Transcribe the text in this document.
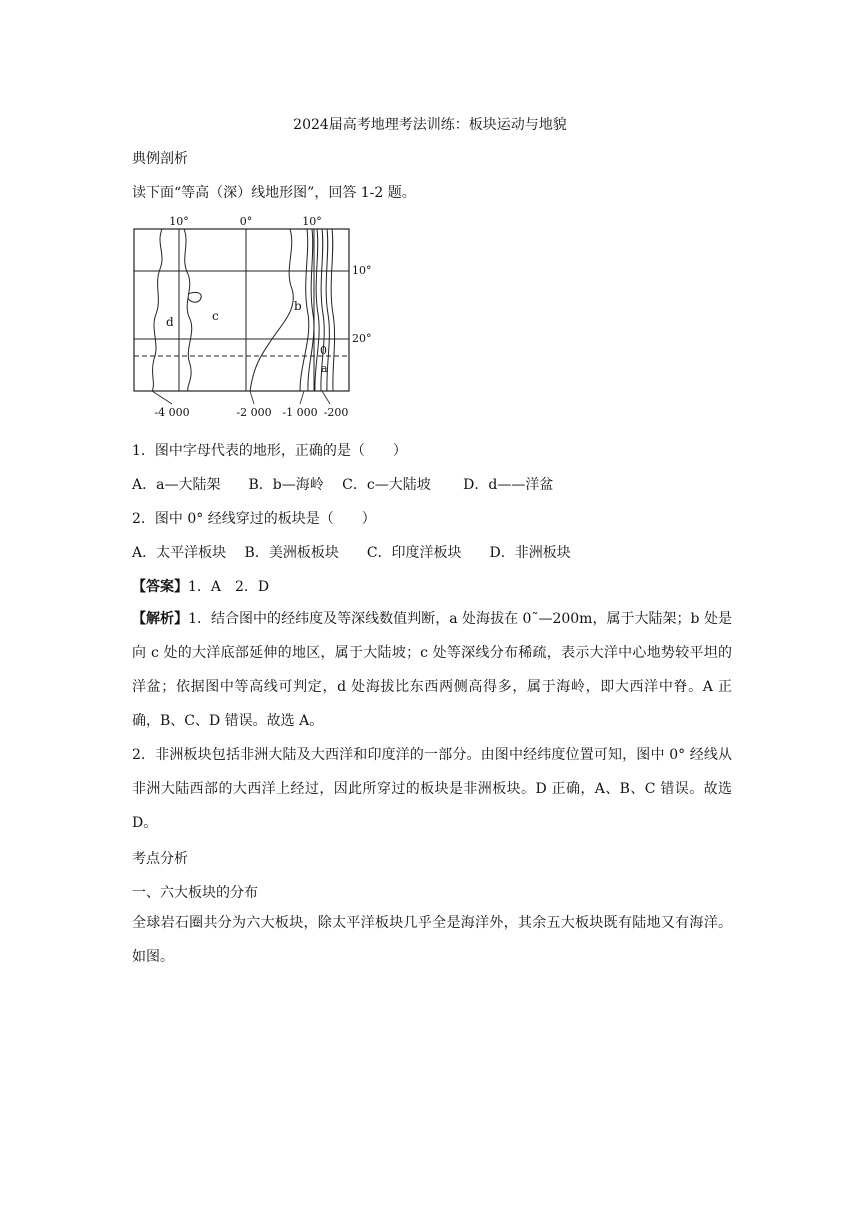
2024届高考地理考法训练：板块运动与地貌
典例剖析
读下面“等高（深）线地形图”，回答 1-2 题。
10°	0°	10°
10°
20°
d	c
b
0
a
-4 000	-2 000 -1 000 -200
1．图中字母代表的地形，正确的是（　　）
A．a—大陆架　　B．b—海岭　 C．c—大陆坡　　 D．d——洋盆
2．图中 0° 经线穿过的板块是（　　）
A．太平洋板块　 B．美洲板板块　　C．印度洋板块　　D．非洲板块
【答案】1．A　2．D
【解析】1．结合图中的经纬度及等深线数值判断，a 处海拔在 0˜—200m，属于大陆架；b 处是向 c 处的大洋底部延伸的地区，属于大陆坡；c 处等深线分布稀疏，表示大洋中心地势较平坦的洋盆；依据图中等高线可判定，d 处海拔比东西两侧高得多，属于海岭，即大西洋中脊。A 正确，B、C、D 错误。故选 A。
2．非洲板块包括非洲大陆及大西洋和印度洋的一部分。由图中经纬度位置可知，图中 0° 经线从非洲大陆西部的大西洋上经过，因此所穿过的板块是非洲板块。D 正确，A、B、C 错误。故选 D。
考点分析
一、六大板块的分布
全球岩石圈共分为六大板块，除太平洋板块几乎全是海洋外，其余五大板块既有陆地又有海洋。如图。
